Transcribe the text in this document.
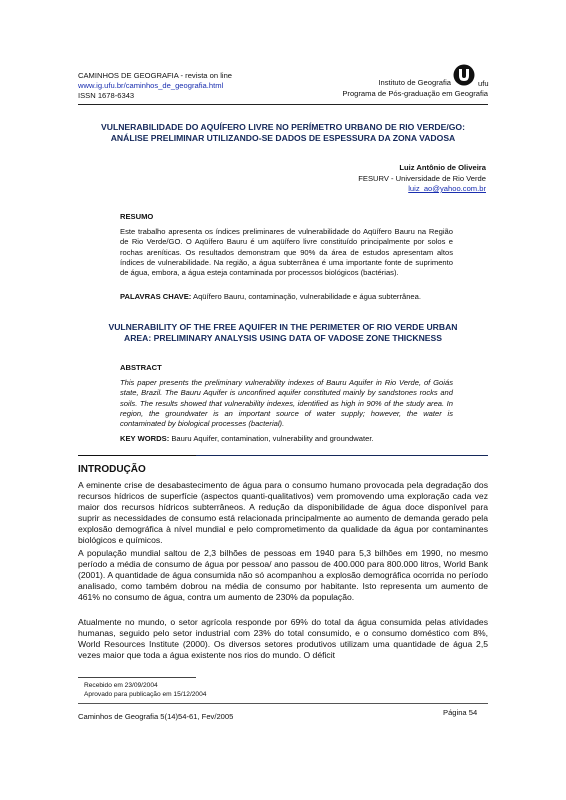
CAMINHOS DE GEOGRAFIA - revista on line
www.ig.ufu.br/caminhos_de_geografia.html
ISSN 1678-6343
ufu
Instituto de Geografia
Programa de Pós-graduação em Geografia
VULNERABILIDADE DO AQUÍFERO LIVRE NO PERÍMETRO URBANO DE RIO VERDE/GO:
ANÁLISE PRELIMINAR UTILIZANDO-SE DADOS DE ESPESSURA DA ZONA VADOSA
Luiz Antônio de Oliveira
FESURV - Universidade de Rio Verde
luiz_ao@yahoo.com.br
RESUMO
Este trabalho apresenta os índices preliminares de vulnerabilidade do Aqüífero Bauru na Região de Rio Verde/GO. O Aqüífero Bauru é um aqüífero livre constituído principalmente por solos e rochas areníticas. Os resultados demonstram que 90% da área de estudos apresentam altos índices de vulnerabilidade. Na região, a água subterrânea é uma importante fonte de suprimento de água, embora, a água esteja contaminada por processos biológicos (bactérias).
PALAVRAS CHAVE: Aqüífero Bauru, contaminação, vulnerabilidade e água subterrânea.
VULNERABILITY OF THE FREE AQUIFER IN THE PERIMETER OF RIO VERDE URBAN
AREA: PRELIMINARY ANALYSIS USING DATA OF VADOSE ZONE THICKNESS
ABSTRACT
This paper presents the preliminary vulnerability indexes of Bauru Aquifer in Rio Verde, of Goiás state, Brazil. The Bauru Aquifer is unconfined aquifer constituted mainly by sandstones rocks and soils. The results showed that vulnerability indexes, identified as high in 90% of the study area. In region, the groundwater is an important source of water supply; however, the water is contaminated by biological processes (bacterial).
KEY WORDS: Bauru Aquifer, contamination, vulnerability and groundwater.
INTRODUÇÃO
A eminente crise de desabastecimento de água para o consumo humano provocada pela degradação dos recursos hídricos de superfície (aspectos quanti-qualitativos) vem promovendo uma exploração cada vez maior dos recursos hídricos subterrâneos. A redução da disponibilidade de água doce disponível para suprir as necessidades de consumo está relacionada principalmente ao aumento de demanda gerado pela explosão demográfica à nível mundial e pelo comprometimento da qualidade da água por contaminantes biológicos e químicos.
A população mundial saltou de 2,3 bilhões de pessoas em 1940 para 5,3 bilhões em 1990, no mesmo período a média de consumo de água por pessoa/ ano passou de 400.000 para 800.000 litros, World Bank (2001). A quantidade de água consumida não só acompanhou a explosão demográfica ocorrida no período analisado, como também dobrou na média de consumo por habitante. Isto representa um aumento de 461% no consumo de água, contra um aumento de 230% da população.
Atualmente no mundo, o setor agrícola responde por 69% do total da água consumida pelas atividades humanas, seguido pelo setor industrial com 23% do total consumido, e o consumo doméstico com 8%, World Resources Institute (2000). Os diversos setores produtivos utilizam uma quantidade de água 2,5 vezes maior que toda a água existente nos rios do mundo. O déficit
Recebido em 23/09/2004
Aprovado para publicação em 15/12/2004
Caminhos de Geografia 5(14)54-61, Fev/2005	Página 54
